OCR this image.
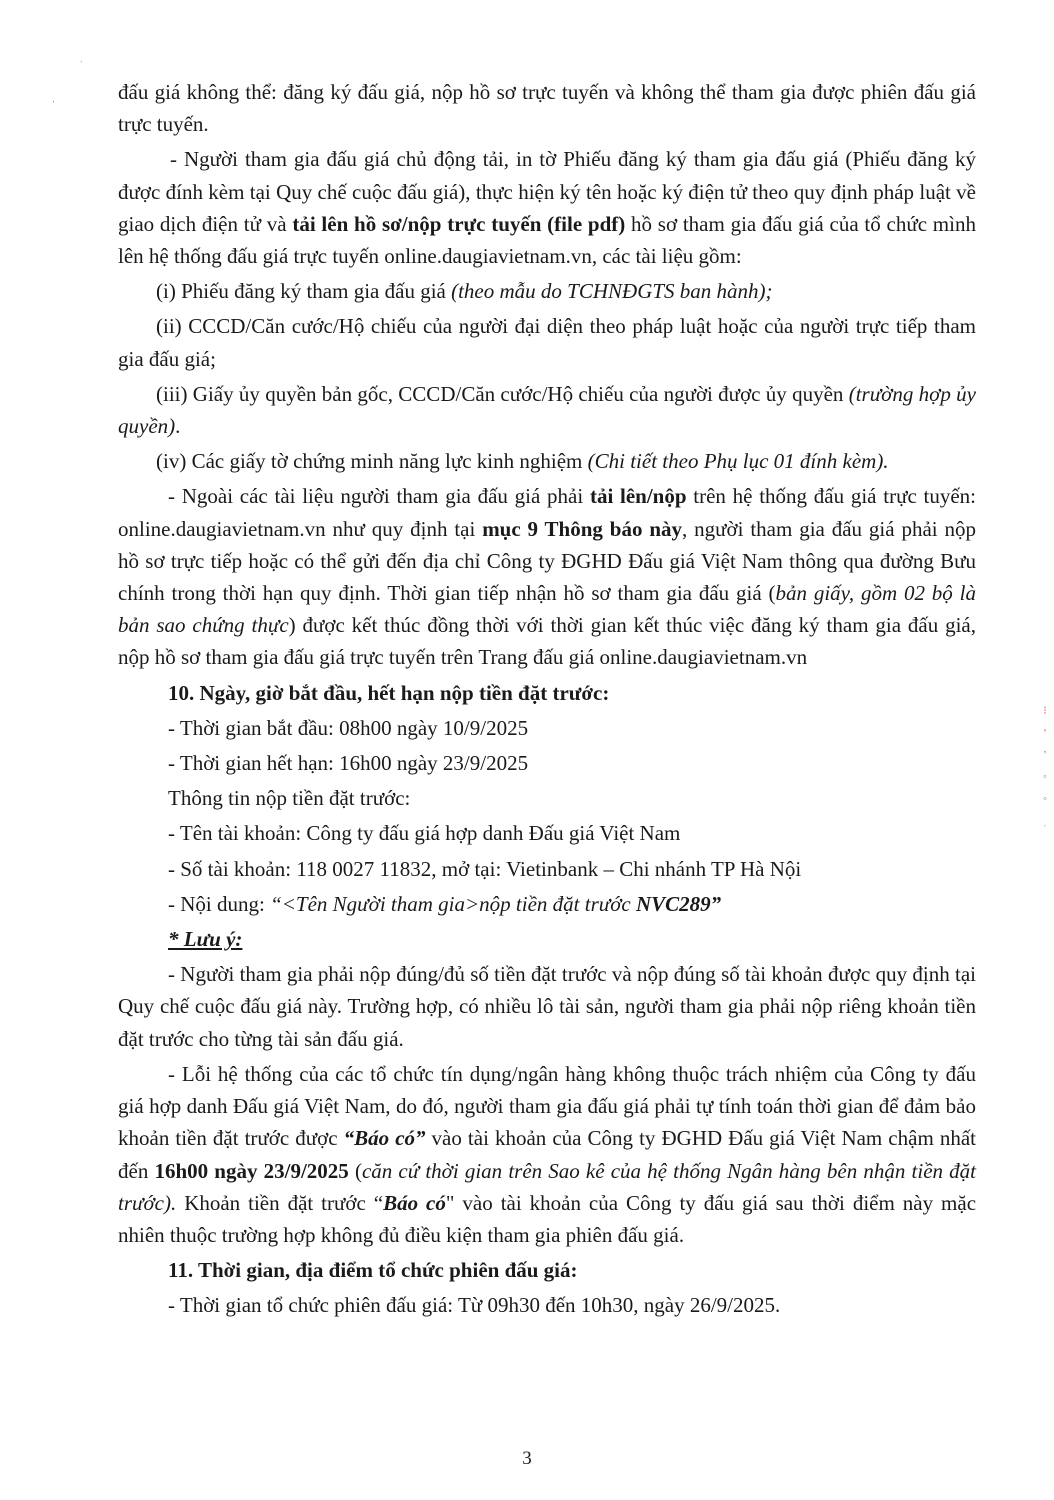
ˋ
ˌ	đấu giá không thể: đăng ký đấu giá, nộp hồ sơ trực tuyến và không thể tham gia được phiên đấu giá trực tuyến.

- Người tham gia đấu giá chủ động tải, in tờ Phiếu đăng ký tham gia đấu giá (Phiếu đăng ký được đính kèm tại Quy chế cuộc đấu giá), thực hiện ký tên hoặc ký điện tử theo quy định pháp luật về giao dịch điện tử và tải lên hồ sơ/nộp trực tuyến (file pdf) hồ sơ tham gia đấu giá của tổ chức mình lên hệ thống đấu giá trực tuyến online.daugiavietnam.vn, các tài liệu gồm:

(i) Phiếu đăng ký tham gia đấu giá (theo mẫu do TCHNĐGTS ban hành);

(ii) CCCD/Căn cước/Hộ chiếu của người đại diện theo pháp luật hoặc của người trực tiếp tham gia đấu giá;

(iii) Giấy ủy quyền bản gốc, CCCD/Căn cước/Hộ chiếu của người được ủy quyền (trường hợp ủy quyền).

(iv) Các giấy tờ chứng minh năng lực kinh nghiệm (Chi tiết theo Phụ lục 01 đính kèm).

- Ngoài các tài liệu người tham gia đấu giá phải tải lên/nộp trên hệ thống đấu giá trực tuyến: online.daugiavietnam.vn như quy định tại mục 9 Thông báo này, người tham gia đấu giá phải nộp hồ sơ trực tiếp hoặc có thể gửi đến địa chỉ Công ty ĐGHD Đấu giá Việt Nam thông qua đường Bưu chính trong thời hạn quy định. Thời gian tiếp nhận hồ sơ tham gia đấu giá (bản giấy, gồm 02 bộ là bản sao chứng thực) được kết thúc đồng thời với thời gian kết thúc việc đăng ký tham gia đấu giá, nộp hồ sơ tham gia đấu giá trực tuyến trên Trang đấu giá online.daugiavietnam.vn

10. Ngày, giờ bắt đầu, hết hạn nộp tiền đặt trước:

- Thời gian bắt đầu: 08h00 ngày 10/9/2025

- Thời gian hết hạn: 16h00 ngày 23/9/2025

Thông tin nộp tiền đặt trước:

- Tên tài khoản: Công ty đấu giá hợp danh Đấu giá Việt Nam

- Số tài khoản: 118 0027 11832, mở tại: Vietinbank – Chi nhánh TP Hà Nội

- Nội dung: “<Tên Người tham gia>nộp tiền đặt trước NVC289”

* Lưu ý:

- Người tham gia phải nộp đúng/đủ số tiền đặt trước và nộp đúng số tài khoản được quy định tại Quy chế cuộc đấu giá này. Trường hợp, có nhiều lô tài sản, người tham gia phải nộp riêng khoản tiền đặt trước cho từng tài sản đấu giá.

- Lỗi hệ thống của các tổ chức tín dụng/ngân hàng không thuộc trách nhiệm của Công ty đấu giá hợp danh Đấu giá Việt Nam, do đó, người tham gia đấu giá phải tự tính toán thời gian để đảm bảo khoản tiền đặt trước được “Báo có” vào tài khoản của Công ty ĐGHD Đấu giá Việt Nam chậm nhất đến 16h00 ngày 23/9/2025 (căn cứ thời gian trên Sao kê của hệ thống Ngân hàng bên nhận tiền đặt trước). Khoản tiền đặt trước “Báo có" vào tài khoản của Công ty đấu giá sau thời điểm này mặc nhiên thuộc trường hợp không đủ điều kiện tham gia phiên đấu giá.

11. Thời gian, địa điểm tổ chức phiên đấu giá:

- Thời gian tổ chức phiên đấu giá: Từ 09h30 đến 10h30, ngày 26/9/2025.

⁝
ꞌ
ʼ
◦
◦
ˌ
3
